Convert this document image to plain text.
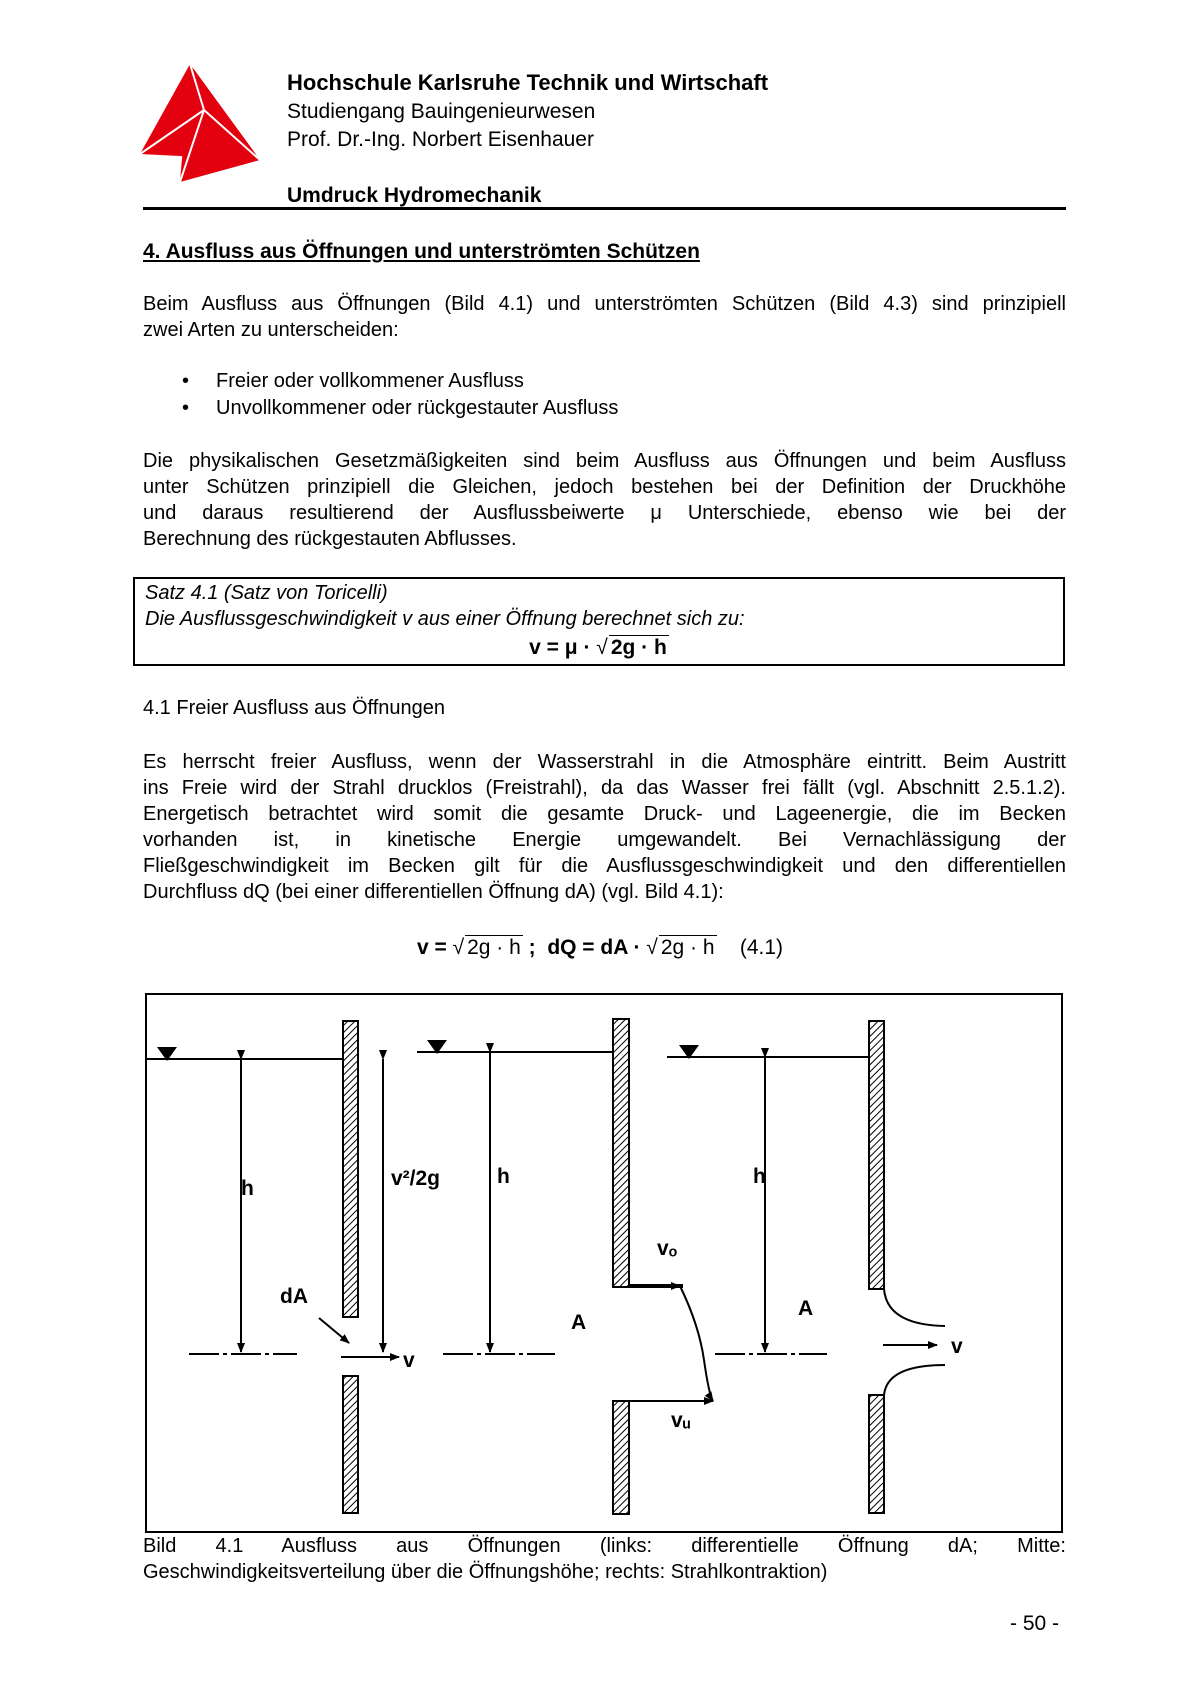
Hochschule Karlsruhe Technik und Wirtschaft
Studiengang Bauingenieurwesen
Prof. Dr.-Ing. Norbert Eisenhauer
Umdruck Hydromechanik
4. Ausfluss aus Öffnungen und unterströmten Schützen
Beim Ausfluss aus Öffnungen (Bild 4.1) und unterströmten Schützen (Bild 4.3) sind prinzipiell
zwei Arten zu unterscheiden:
• Freier oder vollkommener Ausfluss
• Unvollkommener oder rückgestauter Ausfluss
Die physikalischen Gesetzmäßigkeiten sind beim Ausfluss aus Öffnungen und beim Ausfluss
unter Schützen prinzipiell die Gleichen, jedoch bestehen bei der Definition der Druckhöhe
und daraus resultierend der Ausflussbeiwerte μ Unterschiede, ebenso wie bei der
Berechnung des rückgestauten Abflusses.
Satz 4.1 (Satz von Toricelli)
Die Ausflussgeschwindigkeit v aus einer Öffnung berechnet sich zu:
v = μ · √ 2g · h
4.1 Freier Ausfluss aus Öffnungen
Es herrscht freier Ausfluss, wenn der Wasserstrahl in die Atmosphäre eintritt. Beim Austritt
ins Freie wird der Strahl drucklos (Freistrahl), da das Wasser frei fällt (vgl. Abschnitt 2.5.1.2).
Energetisch betrachtet wird somit die gesamte Druck- und Lageenergie, die im Becken
vorhanden ist, in kinetische Energie umgewandelt. Bei Vernachlässigung der
Fließgeschwindigkeit im Becken gilt für die Ausflussgeschwindigkeit und den differentiellen
Durchfluss dQ (bei einer differentiellen Öffnung dA) (vgl. Bild 4.1):
v = √ 2g · h ; dQ = dA · √ 2g · h (4.1)
h	v²/2g
dA
v
h
A
vₒ
vᵤ
h
A
v
Bild 4.1 Ausfluss aus Öffnungen (links: differentielle Öffnung dA; Mitte:
Geschwindigkeitsverteilung über die Öffnungshöhe; rechts: Strahlkontraktion)
- 50 -
